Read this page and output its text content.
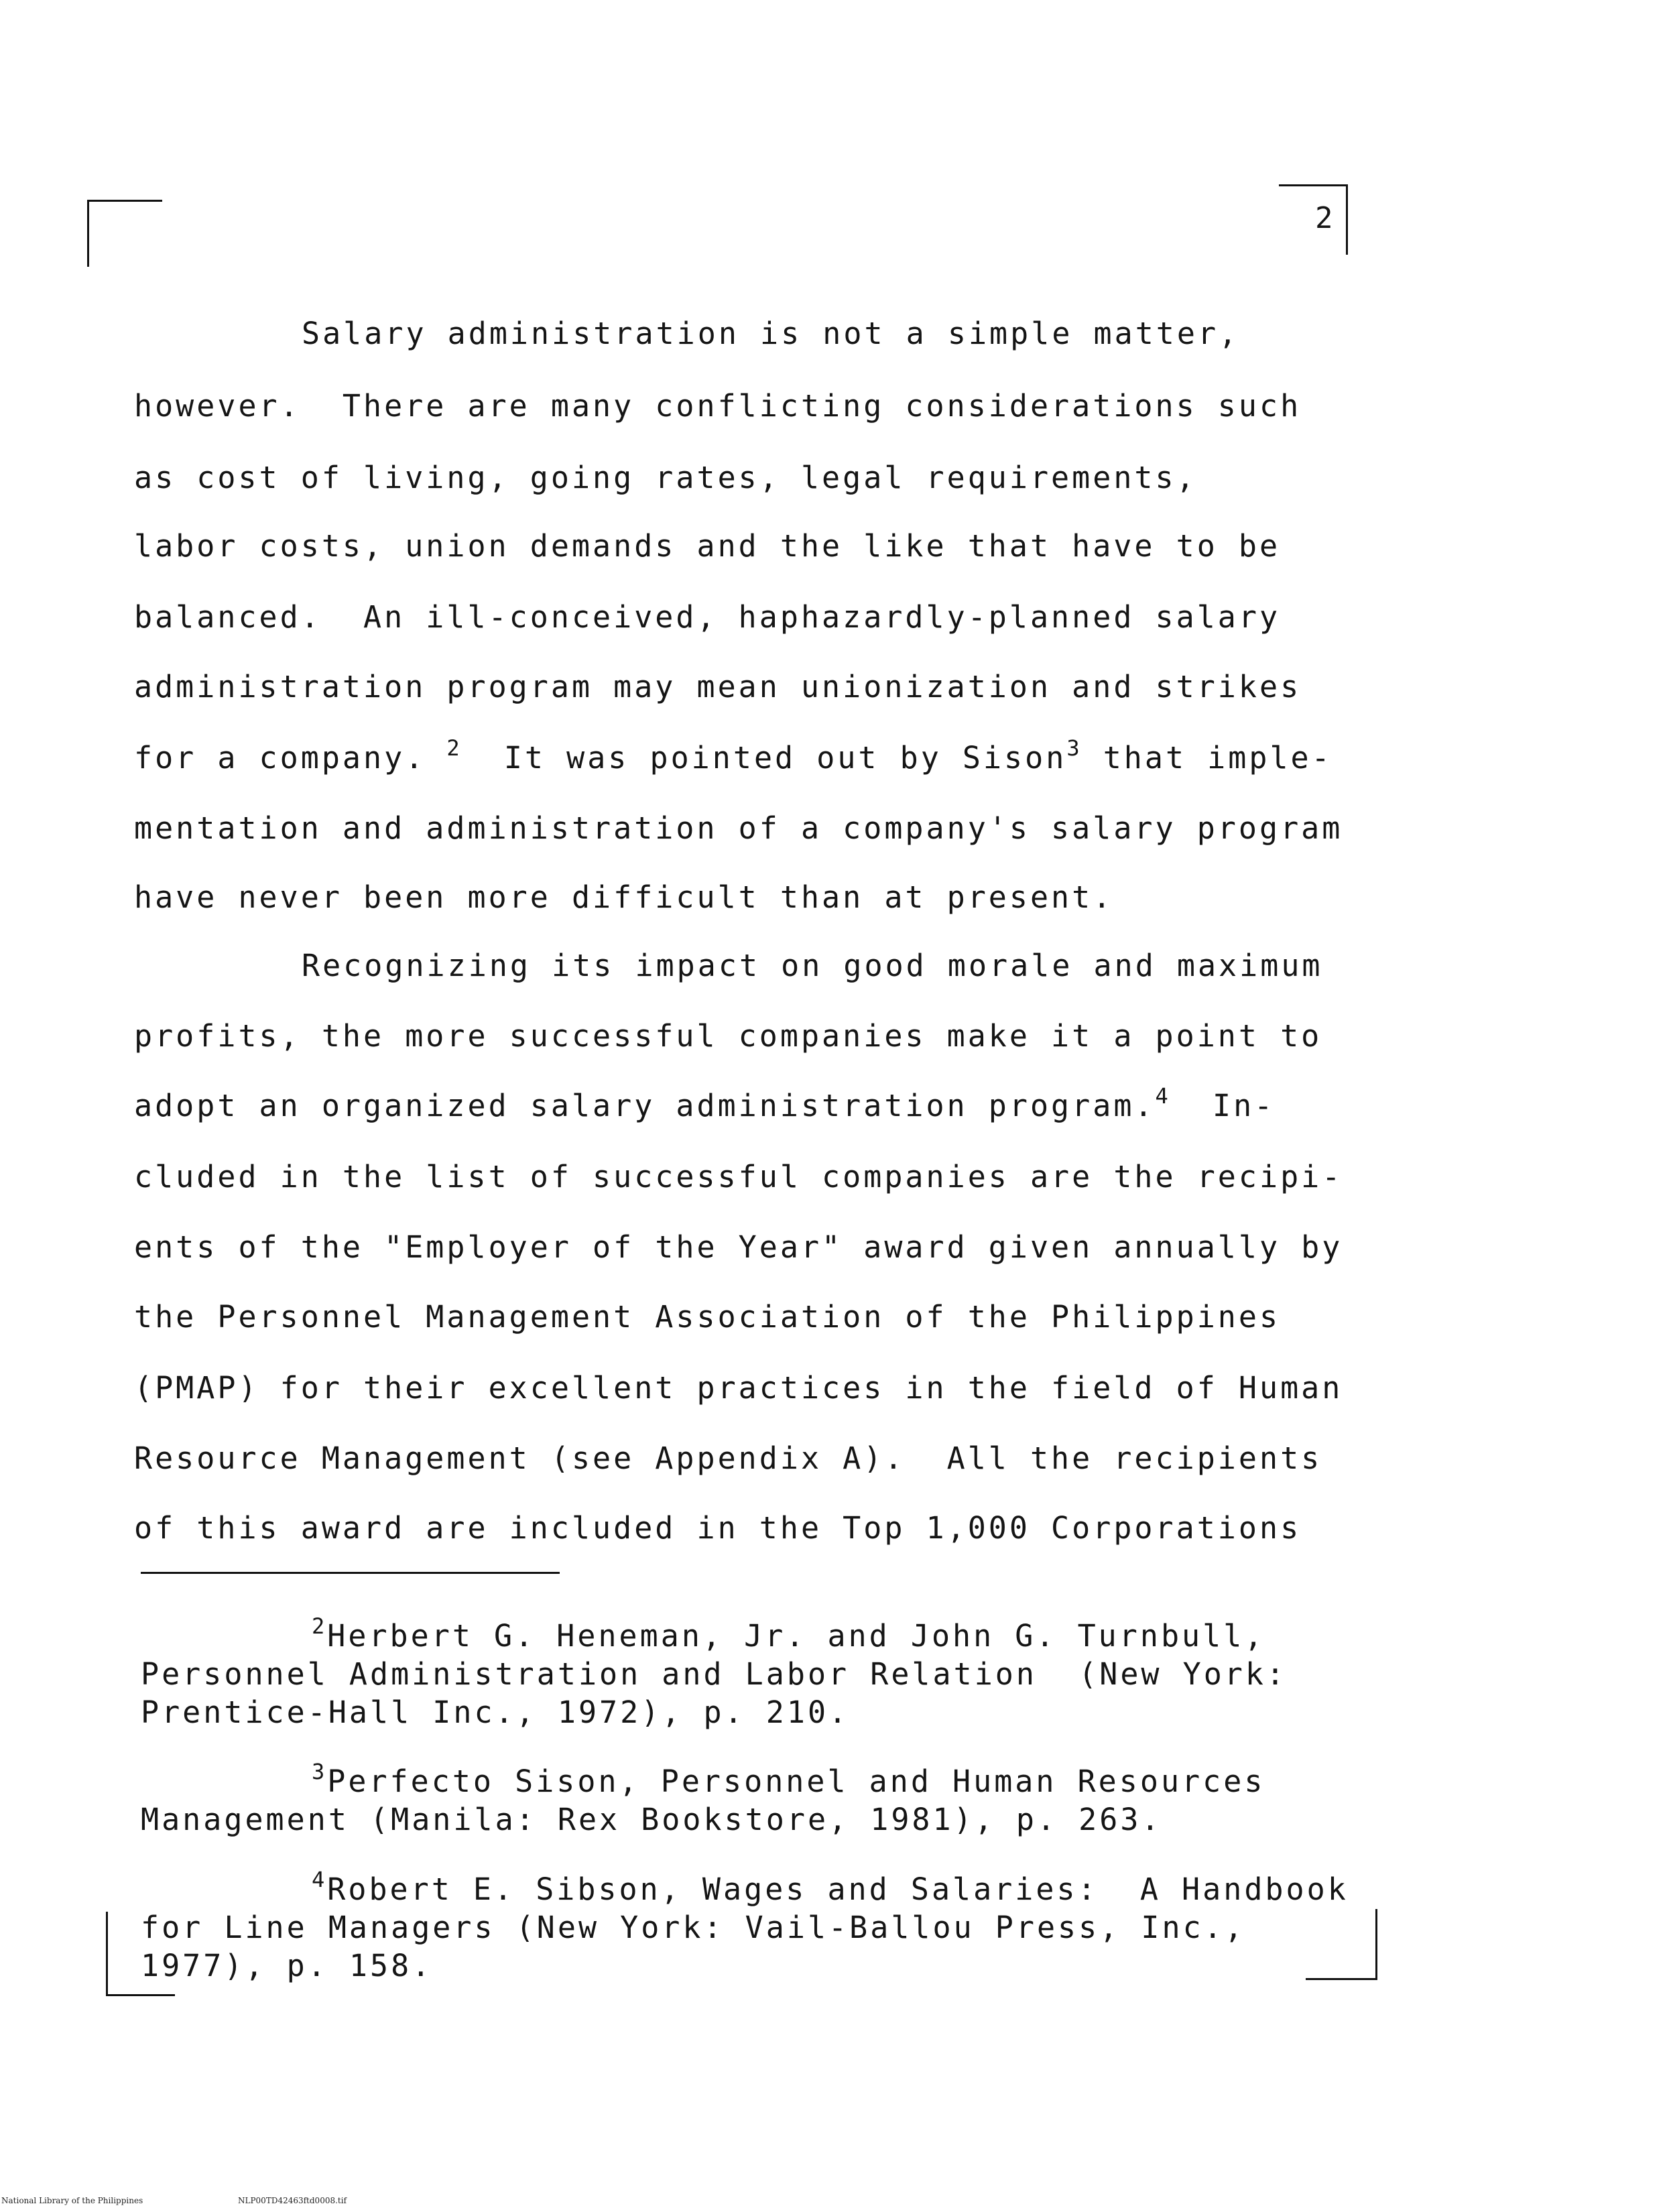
2
Salary administration is not a simple matter,
however.  There are many conflicting considerations such
as cost of living, going rates, legal requirements,
labor costs, union demands and the like that have to be
balanced.  An ill-conceived, haphazardly-planned salary
administration program may mean unionization and strikes
for a company. $^2$ It was pointed out by Sison$^3$ that imple-
mentation and administration of a company's salary program
have never been more difficult than at present.
Recognizing its impact on good morale and maximum
profits, the more successful companies make it a point to
adopt an organized salary administration program.$^4$ In-
cluded in the list of successful companies are the recipi-
ents of the "Employer of the Year" award given annually by
the Personnel Management Association of the Philippines
(PMAP) for their excellent practices in the field of Human
Resource Management (see Appendix A).  All the recipients
of this award are included in the Top 1,000 Corporations
$^2$Herbert G. Heneman, Jr. and John G. Turnbull,
Personnel Administration and Labor Relation  (New York:
Prentice-Hall Inc., 1972), p. 210.
$^3$Perfecto Sison, Personnel and Human Resources
Management (Manila: Rex Bookstore, 1981), p. 263.
$^4$Robert E. Sibson, Wages and Salaries:  A Handbook
for Line Managers (New York: Vail-Ballou Press, Inc.,
1977), p. 158.
National Library of the Philippines	NLP00TD42463ftd0008.tif
